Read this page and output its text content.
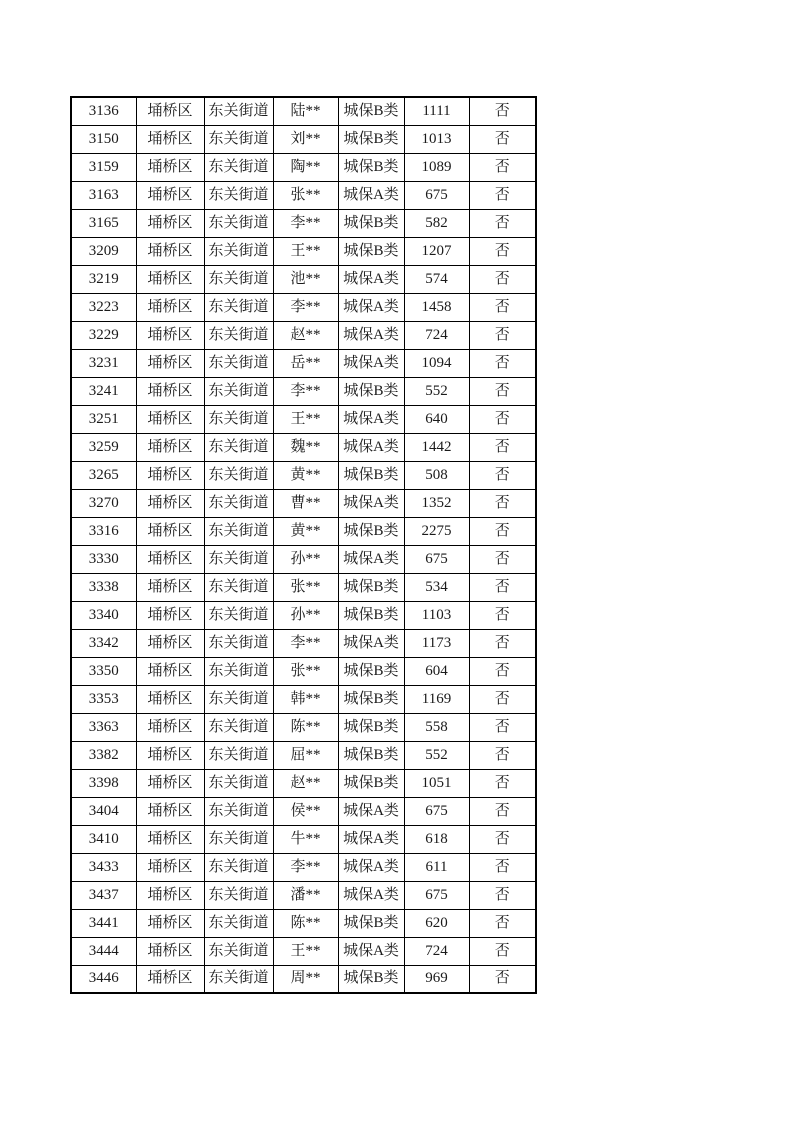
3136	埇桥区	东关街道	陆**	城保B类	1111	否
3150	埇桥区	东关街道	刘**	城保B类	1013	否
3159	埇桥区	东关街道	陶**	城保B类	1089	否
3163	埇桥区	东关街道	张**	城保A类	675	否
3165	埇桥区	东关街道	李**	城保B类	582	否
3209	埇桥区	东关街道	王**	城保B类	1207	否
3219	埇桥区	东关街道	池**	城保A类	574	否
3223	埇桥区	东关街道	李**	城保A类	1458	否
3229	埇桥区	东关街道	赵**	城保A类	724	否
3231	埇桥区	东关街道	岳**	城保A类	1094	否
3241	埇桥区	东关街道	李**	城保B类	552	否
3251	埇桥区	东关街道	王**	城保A类	640	否
3259	埇桥区	东关街道	魏**	城保A类	1442	否
3265	埇桥区	东关街道	黄**	城保B类	508	否
3270	埇桥区	东关街道	曹**	城保A类	1352	否
3316	埇桥区	东关街道	黄**	城保B类	2275	否
3330	埇桥区	东关街道	孙**	城保A类	675	否
3338	埇桥区	东关街道	张**	城保B类	534	否
3340	埇桥区	东关街道	孙**	城保B类	1103	否
3342	埇桥区	东关街道	李**	城保A类	1173	否
3350	埇桥区	东关街道	张**	城保B类	604	否
3353	埇桥区	东关街道	韩**	城保B类	1169	否
3363	埇桥区	东关街道	陈**	城保B类	558	否
3382	埇桥区	东关街道	屈**	城保B类	552	否
3398	埇桥区	东关街道	赵**	城保B类	1051	否
3404	埇桥区	东关街道	侯**	城保A类	675	否
3410	埇桥区	东关街道	牛**	城保A类	618	否
3433	埇桥区	东关街道	李**	城保A类	611	否
3437	埇桥区	东关街道	潘**	城保A类	675	否
3441	埇桥区	东关街道	陈**	城保B类	620	否
3444	埇桥区	东关街道	王**	城保A类	724	否
3446	埇桥区	东关街道	周**	城保B类	969	否
